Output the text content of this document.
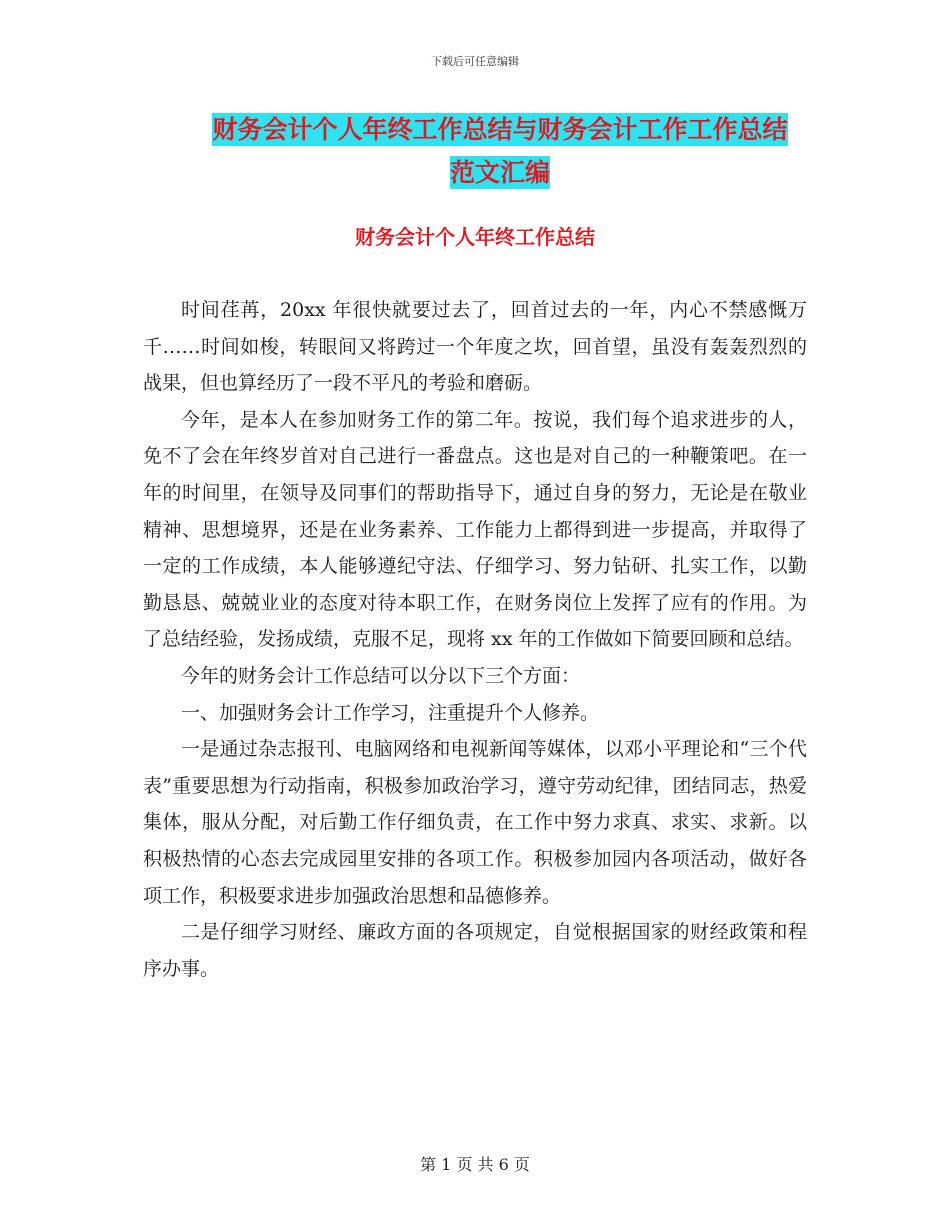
下载后可任意编辑
财务会计个人年终工作总结与财务会计工作工作总结
范文汇编
财务会计个人年终工作总结

时间荏苒，20xx 年很快就要过去了，回首过去的一年，内心不禁感慨万千……时间如梭，转眼间又将跨过一个年度之坎，回首望，虽没有轰轰烈烈的战果，但也算经历了一段不平凡的考验和磨砺。

今年，是本人在参加财务工作的第二年。按说，我们每个追求进步的人，免不了会在年终岁首对自己进行一番盘点。这也是对自己的一种鞭策吧。在一年的时间里，在领导及同事们的帮助指导下，通过自身的努力，无论是在敬业精神、思想境界，还是在业务素养、工作能力上都得到进一步提高，并取得了一定的工作成绩，本人能够遵纪守法、仔细学习、努力钻研、扎实工作，以勤勤恳恳、兢兢业业的态度对待本职工作，在财务岗位上发挥了应有的作用。为了总结经验，发扬成绩，克服不足，现将 xx 年的工作做如下简要回顾和总结。

今年的财务会计工作总结可以分以下三个方面：

一、加强财务会计工作学习，注重提升个人修养。

一是通过杂志报刊、电脑网络和电视新闻等媒体，以邓小平理论和“三个代表”重要思想为行动指南，积极参加政治学习，遵守劳动纪律，团结同志，热爱集体，服从分配，对后勤工作仔细负责，在工作中努力求真、求实、求新。以积极热情的心态去完成园里安排的各项工作。积极参加园内各项活动，做好各项工作，积极要求进步加强政治思想和品德修养。

二是仔细学习财经、廉政方面的各项规定，自觉根据国家的财经政策和程序办事。

第 1 页 共 6 页
